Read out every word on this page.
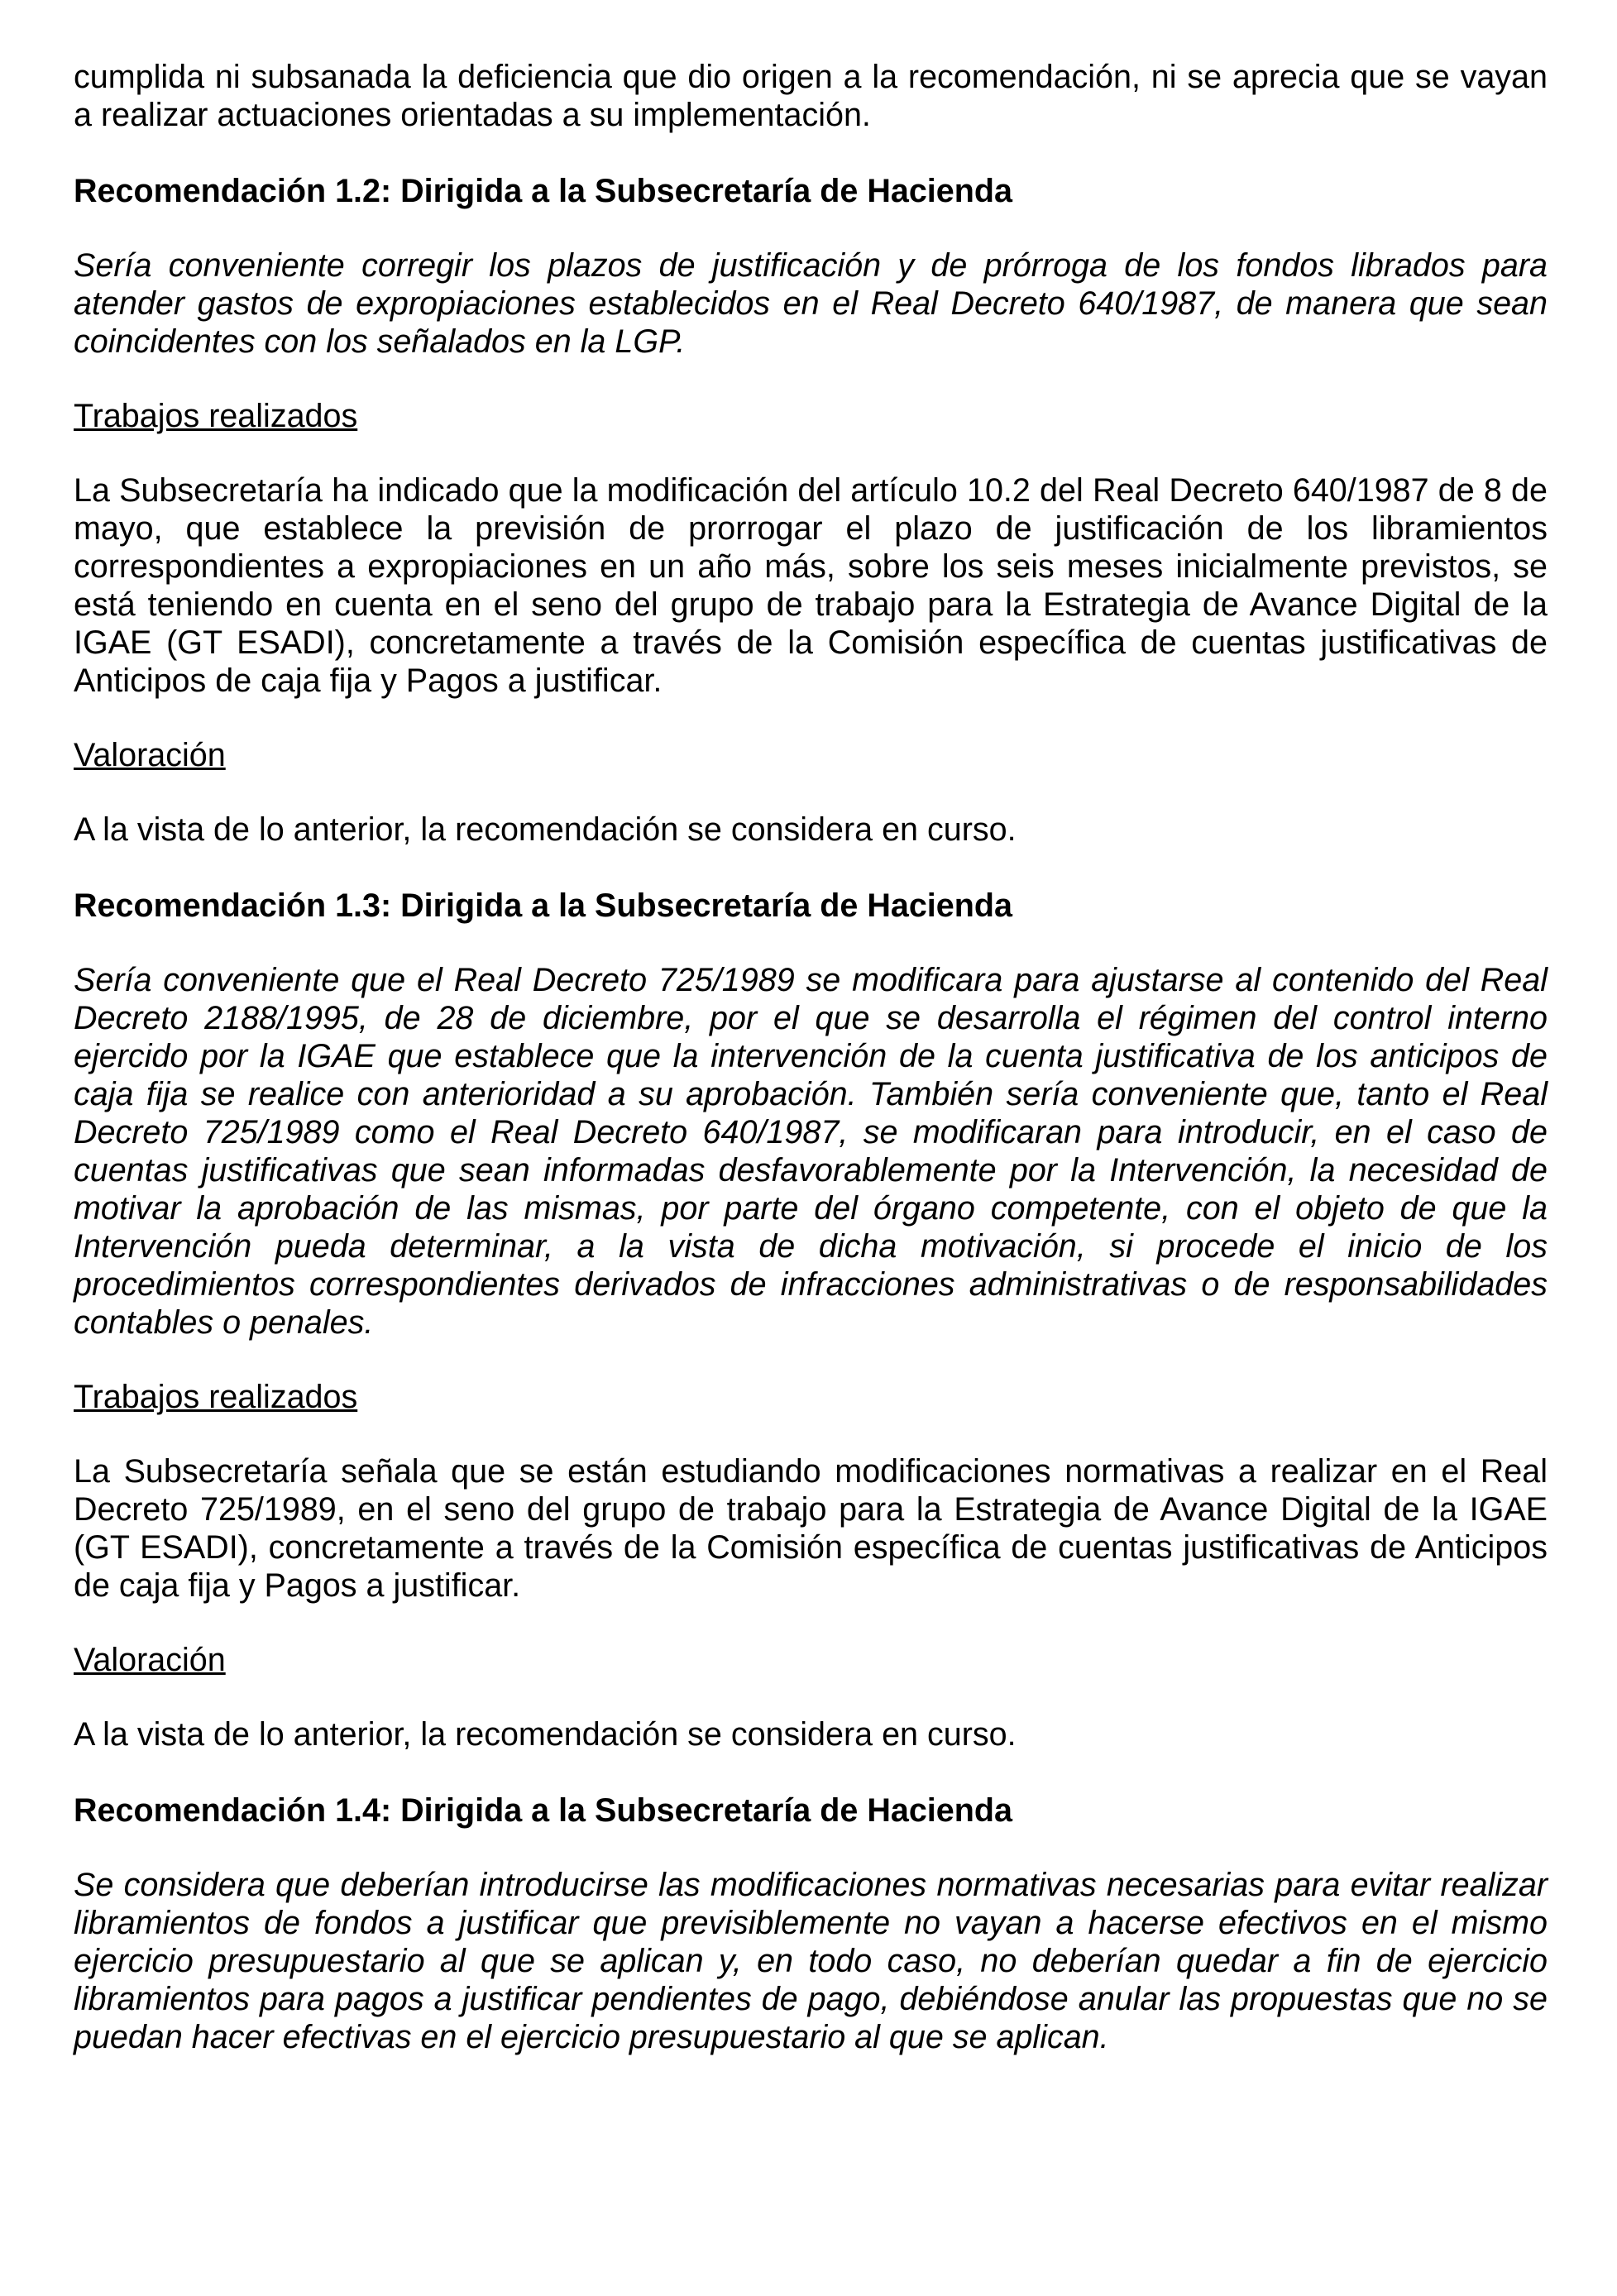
cumplida ni subsanada la deficiencia que dio origen a la recomendación, ni se aprecia que se vayan a realizar actuaciones orientadas a su implementación.

Recomendación 1.2: Dirigida a la Subsecretaría de Hacienda

Sería conveniente corregir los plazos de justificación y de prórroga de los fondos librados para atender gastos de expropiaciones establecidos en el Real Decreto 640/1987, de manera que sean coincidentes con los señalados en la LGP.

Trabajos realizados

La Subsecretaría ha indicado que la modificación del artículo 10.2 del Real Decreto 640/1987 de 8 de mayo, que establece la previsión de prorrogar el plazo de justificación de los libramientos correspondientes a expropiaciones en un año más, sobre los seis meses inicialmente previstos, se está teniendo en cuenta en el seno del grupo de trabajo para la Estrategia de Avance Digital de la IGAE (GT ESADI), concretamente a través de la Comisión específica de cuentas justificativas de Anticipos de caja fija y Pagos a justificar.

Valoración

A la vista de lo anterior, la recomendación se considera en curso.

Recomendación 1.3: Dirigida a la Subsecretaría de Hacienda

Sería conveniente que el Real Decreto 725/1989 se modificara para ajustarse al contenido del Real Decreto 2188/1995, de 28 de diciembre, por el que se desarrolla el régimen del control interno ejercido por la IGAE que establece que la intervención de la cuenta justificativa de los anticipos de caja fija se realice con anterioridad a su aprobación. También sería conveniente que, tanto el Real Decreto 725/1989 como el Real Decreto 640/1987, se modificaran para introducir, en el caso de cuentas justificativas que sean informadas desfavorablemente por la Intervención, la necesidad de motivar la aprobación de las mismas, por parte del órgano competente, con el objeto de que la Intervención pueda determinar, a la vista de dicha motivación, si procede el inicio de los procedimientos correspondientes derivados de infracciones administrativas o de responsabilidades contables o penales.

Trabajos realizados

La Subsecretaría señala que se están estudiando modificaciones normativas a realizar en el Real Decreto 725/1989, en el seno del grupo de trabajo para la Estrategia de Avance Digital de la IGAE (GT ESADI), concretamente a través de la Comisión específica de cuentas justificativas de Anticipos de caja fija y Pagos a justificar.

Valoración

A la vista de lo anterior, la recomendación se considera en curso.

Recomendación 1.4: Dirigida a la Subsecretaría de Hacienda

Se considera que deberían introducirse las modificaciones normativas necesarias para evitar realizar libramientos de fondos a justificar que previsiblemente no vayan a hacerse efectivos en el mismo ejercicio presupuestario al que se aplican y, en todo caso, no deberían quedar a fin de ejercicio libramientos para pagos a justificar pendientes de pago, debiéndose anular las propuestas que no se puedan hacer efectivas en el ejercicio presupuestario al que se aplican.
